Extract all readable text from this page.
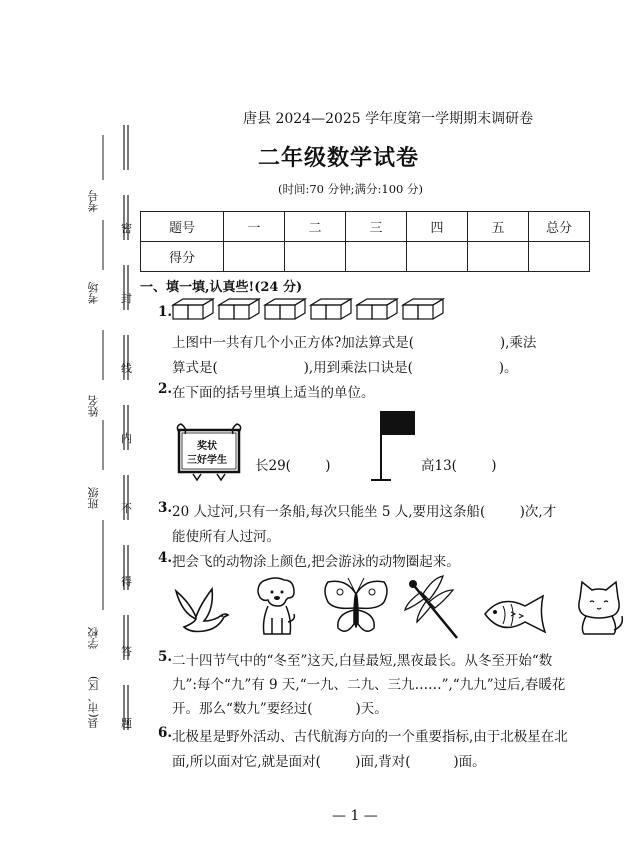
考号
考场
姓名
班级
学校
县(市、区)
密
封
线
内
不
得
答
题
唐县 2024—2025 学年度第一学期期末调研卷
二年级数学试卷
(时间:70 分钟;满分:100 分)
题号	一	二	三	四	五	总分
得分						
一、填一填,认真些!(24 分)
1.
上图中一共有几个小正方体?加法算式是(                    ),乘法
算式是(                    ),用到乘法口诀是(                    )。
2. 在下面的括号里填上适当的单位。
奖状
三好学生 长29(        )	高13(        )
3. 20 人过河,只有一条船,每次只能坐 5 人,要用这条船(        )次,才
能使所有人过河。
4. 把会飞的动物涂上颜色,把会游泳的动物圈起来。
5. 二十四节气中的“冬至”这天,白昼最短,黑夜最长。从冬至开始“数
九”:每个“九”有 9 天,“一九、二九、三九……”,“九九”过后,春暖花
开。那么“数九”要经过(          )天。
6. 北极星是野外活动、古代航海方向的一个重要指标,由于北极星在北
面,所以面对它,就是面对(        )面,背对(          )面。
— 1 —
